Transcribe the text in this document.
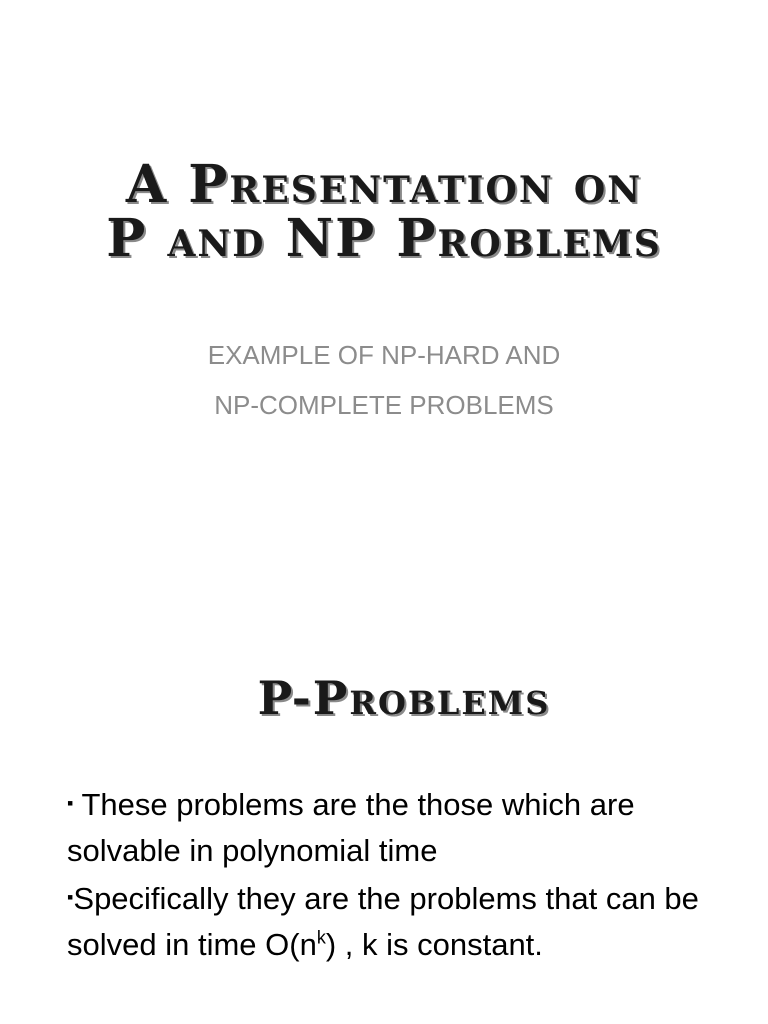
A Presentation on
P and NP Problems
EXAMPLE OF NP-HARD AND
NP-COMPLETE PROBLEMS
P-Problems
▪ These problems are the those which are solvable in polynomial time
▪Specifically they are the problems that can be solved in time $O(n^k)$ , k is constant.
